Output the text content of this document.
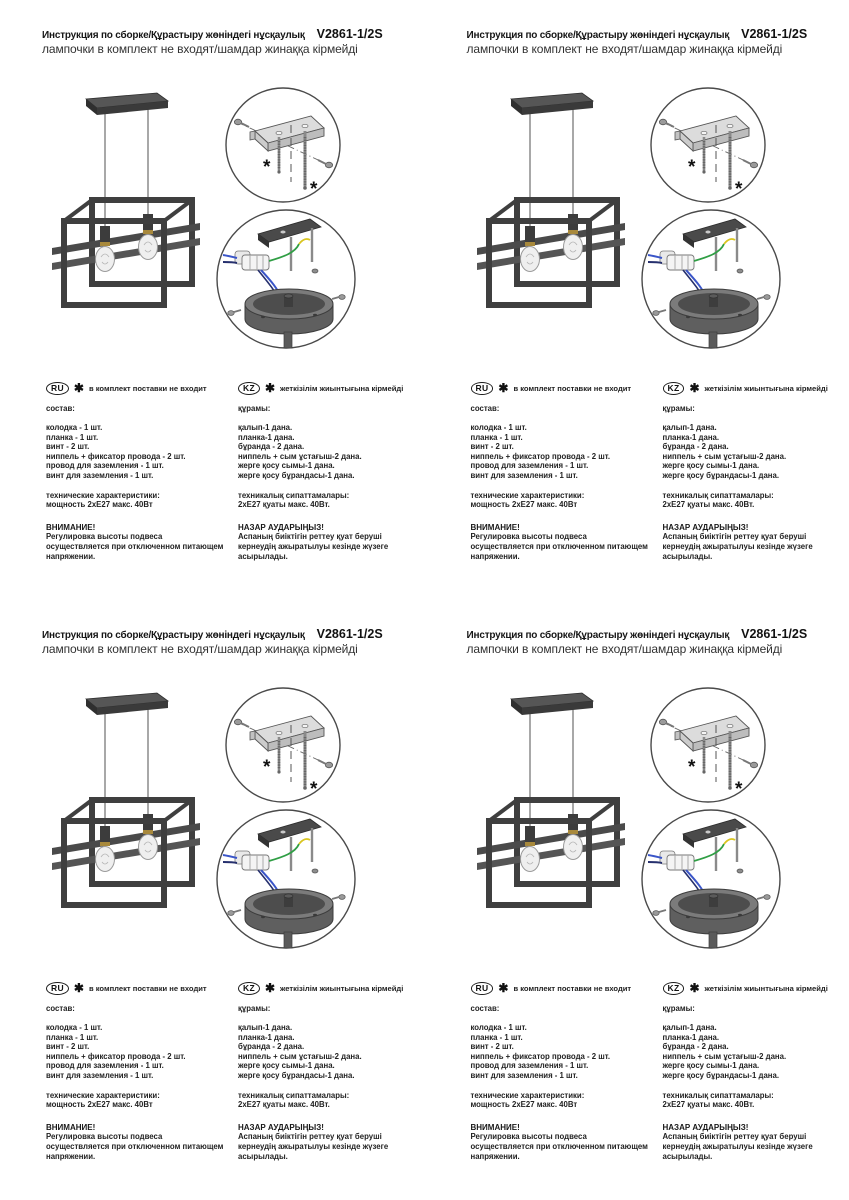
Инструкция по сборке/Құрастыру жөніндегі нұсқаулық V2861-1/2S
лампочки в комплект не входят/шамдар жинаққа кірмейді
*
*
RU ✱ в комплект поставки не входит
состав:
колодка - 1 шт.
планка - 1 шт.
винт - 2 шт.
ниппель + фиксатор провода - 2 шт.
провод для заземления - 1 шт.
винт для заземления - 1 шт.
технические характеристики:
мощность 2хЕ27 макс. 40Вт
ВНИМАНИЕ!
Регулировка высоты подвеса осуществляется при отключенном питающем напряжении.
KZ ✱ жеткізілім жиынтығына кірмейді
құрамы:
қалып-1 дана.
планка-1 дана.
бұранда - 2 дана.
ниппель + сым ұстағыш-2 дана.
жерге қосу сымы-1 дана.
жерге қосу бұрандасы-1 дана.
техникалық сипаттамалары:
2хЕ27 қуаты макс. 40Вт.
НАЗАР АУДАРЫҢЫЗ!
Аспаның биіктігін реттеу қуат беруші кернеудің ажыратылуы кезінде жүзеге асырылады.
Инструкция по сборке/Құрастыру жөніндегі нұсқаулық V2861-1/2S
лампочки в комплект не входят/шамдар жинаққа кірмейді
*
*
RU ✱ в комплект поставки не входит
состав:
колодка - 1 шт.
планка - 1 шт.
винт - 2 шт.
ниппель + фиксатор провода - 2 шт.
провод для заземления - 1 шт.
винт для заземления - 1 шт.
технические характеристики:
мощность 2хЕ27 макс. 40Вт
ВНИМАНИЕ!
Регулировка высоты подвеса осуществляется при отключенном питающем напряжении.
KZ ✱ жеткізілім жиынтығына кірмейді
құрамы:
қалып-1 дана.
планка-1 дана.
бұранда - 2 дана.
ниппель + сым ұстағыш-2 дана.
жерге қосу сымы-1 дана.
жерге қосу бұрандасы-1 дана.
техникалық сипаттамалары:
2хЕ27 қуаты макс. 40Вт.
НАЗАР АУДАРЫҢЫЗ!
Аспаның биіктігін реттеу қуат беруші кернеудің ажыратылуы кезінде жүзеге асырылады.
Инструкция по сборке/Құрастыру жөніндегі нұсқаулық V2861-1/2S
лампочки в комплект не входят/шамдар жинаққа кірмейді
*
*
RU ✱ в комплект поставки не входит
состав:
колодка - 1 шт.
планка - 1 шт.
винт - 2 шт.
ниппель + фиксатор провода - 2 шт.
провод для заземления - 1 шт.
винт для заземления - 1 шт.
технические характеристики:
мощность 2хЕ27 макс. 40Вт
ВНИМАНИЕ!
Регулировка высоты подвеса осуществляется при отключенном питающем напряжении.
KZ ✱ жеткізілім жиынтығына кірмейді
құрамы:
қалып-1 дана.
планка-1 дана.
бұранда - 2 дана.
ниппель + сым ұстағыш-2 дана.
жерге қосу сымы-1 дана.
жерге қосу бұрандасы-1 дана.
техникалық сипаттамалары:
2хЕ27 қуаты макс. 40Вт.
НАЗАР АУДАРЫҢЫЗ!
Аспаның биіктігін реттеу қуат беруші кернеудің ажыратылуы кезінде жүзеге асырылады.
Инструкция по сборке/Құрастыру жөніндегі нұсқаулық V2861-1/2S
лампочки в комплект не входят/шамдар жинаққа кірмейді
*
*
RU ✱ в комплект поставки не входит
состав:
колодка - 1 шт.
планка - 1 шт.
винт - 2 шт.
ниппель + фиксатор провода - 2 шт.
провод для заземления - 1 шт.
винт для заземления - 1 шт.
технические характеристики:
мощность 2хЕ27 макс. 40Вт
ВНИМАНИЕ!
Регулировка высоты подвеса осуществляется при отключенном питающем напряжении.
KZ ✱ жеткізілім жиынтығына кірмейді
құрамы:
қалып-1 дана.
планка-1 дана.
бұранда - 2 дана.
ниппель + сым ұстағыш-2 дана.
жерге қосу сымы-1 дана.
жерге қосу бұрандасы-1 дана.
техникалық сипаттамалары:
2хЕ27 қуаты макс. 40Вт.
НАЗАР АУДАРЫҢЫЗ!
Аспаның биіктігін реттеу қуат беруші кернеудің ажыратылуы кезінде жүзеге асырылады.
